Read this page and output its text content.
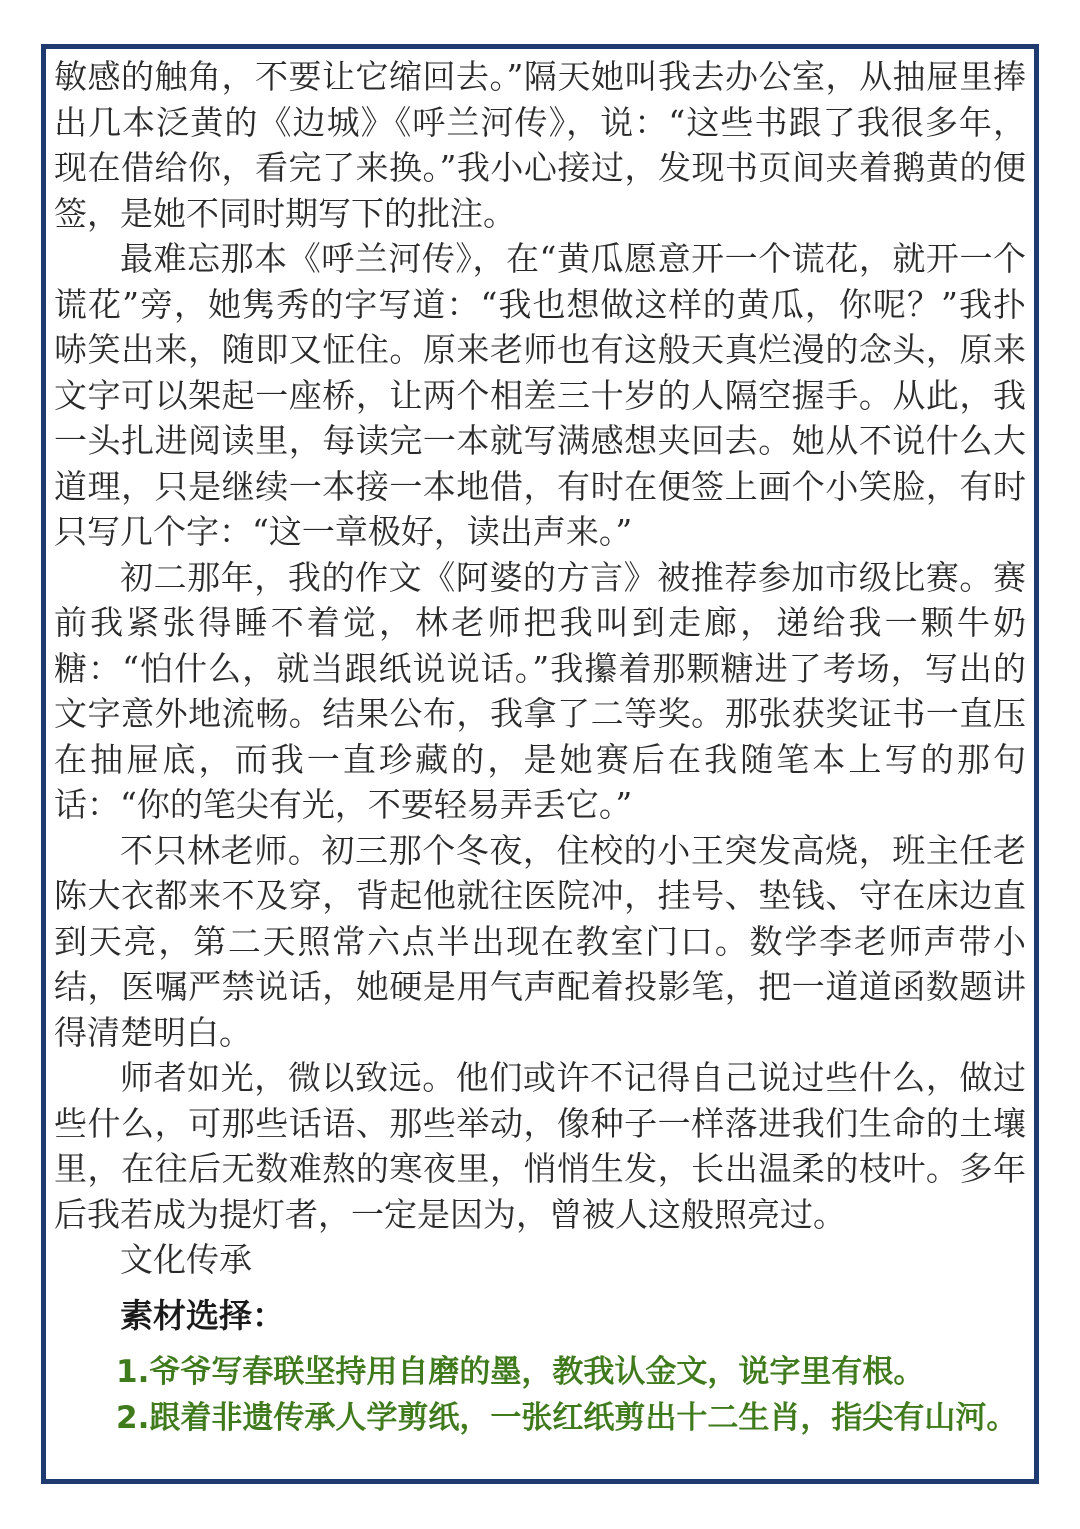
敏感的触角，不要让它缩回去。”隔天她叫我去办公室，从抽屉里捧出几本泛黄的《边城》《呼兰河传》，说：“这些书跟了我很多年，现在借给你，看完了来换。”我小心接过，发现书页间夹着鹅黄的便签，是她不同时期写下的批注。

最难忘那本《呼兰河传》，在“黄瓜愿意开一个谎花，就开一个谎花”旁，她隽秀的字写道：“我也想做这样的黄瓜，你呢？”我扑哧笑出来，随即又怔住。原来老师也有这般天真烂漫的念头，原来文字可以架起一座桥，让两个相差三十岁的人隔空握手。从此，我一头扎进阅读里，每读完一本就写满感想夹回去。她从不说什么大道理，只是继续一本接一本地借，有时在便签上画个小笑脸，有时只写几个字：“这一章极好，读出声来。”

初二那年，我的作文《阿婆的方言》被推荐参加市级比赛。赛前我紧张得睡不着觉，林老师把我叫到走廊，递给我一颗牛奶糖：“怕什么，就当跟纸说说话。”我攥着那颗糖进了考场，写出的文字意外地流畅。结果公布，我拿了二等奖。那张获奖证书一直压在抽屉底，而我一直珍藏的，是她赛后在我随笔本上写的那句话：“你的笔尖有光，不要轻易弄丢它。”

不只林老师。初三那个冬夜，住校的小王突发高烧，班主任老陈大衣都来不及穿，背起他就往医院冲，挂号、垫钱、守在床边直到天亮，第二天照常六点半出现在教室门口。数学李老师声带小结，医嘱严禁说话，她硬是用气声配着投影笔，把一道道函数题讲得清楚明白。

师者如光，微以致远。他们或许不记得自己说过些什么，做过些什么，可那些话语、那些举动，像种子一样落进我们生命的土壤里，在往后无数难熬的寒夜里，悄悄生发，长出温柔的枝叶。多年后我若成为提灯者，一定是因为，曾被人这般照亮过。

文化传承

素材选择：

1.爷爷写春联坚持用自磨的墨，教我认金文，说字里有根。

2.跟着非遗传承人学剪纸，一张红纸剪出十二生肖，指尖有山河。
